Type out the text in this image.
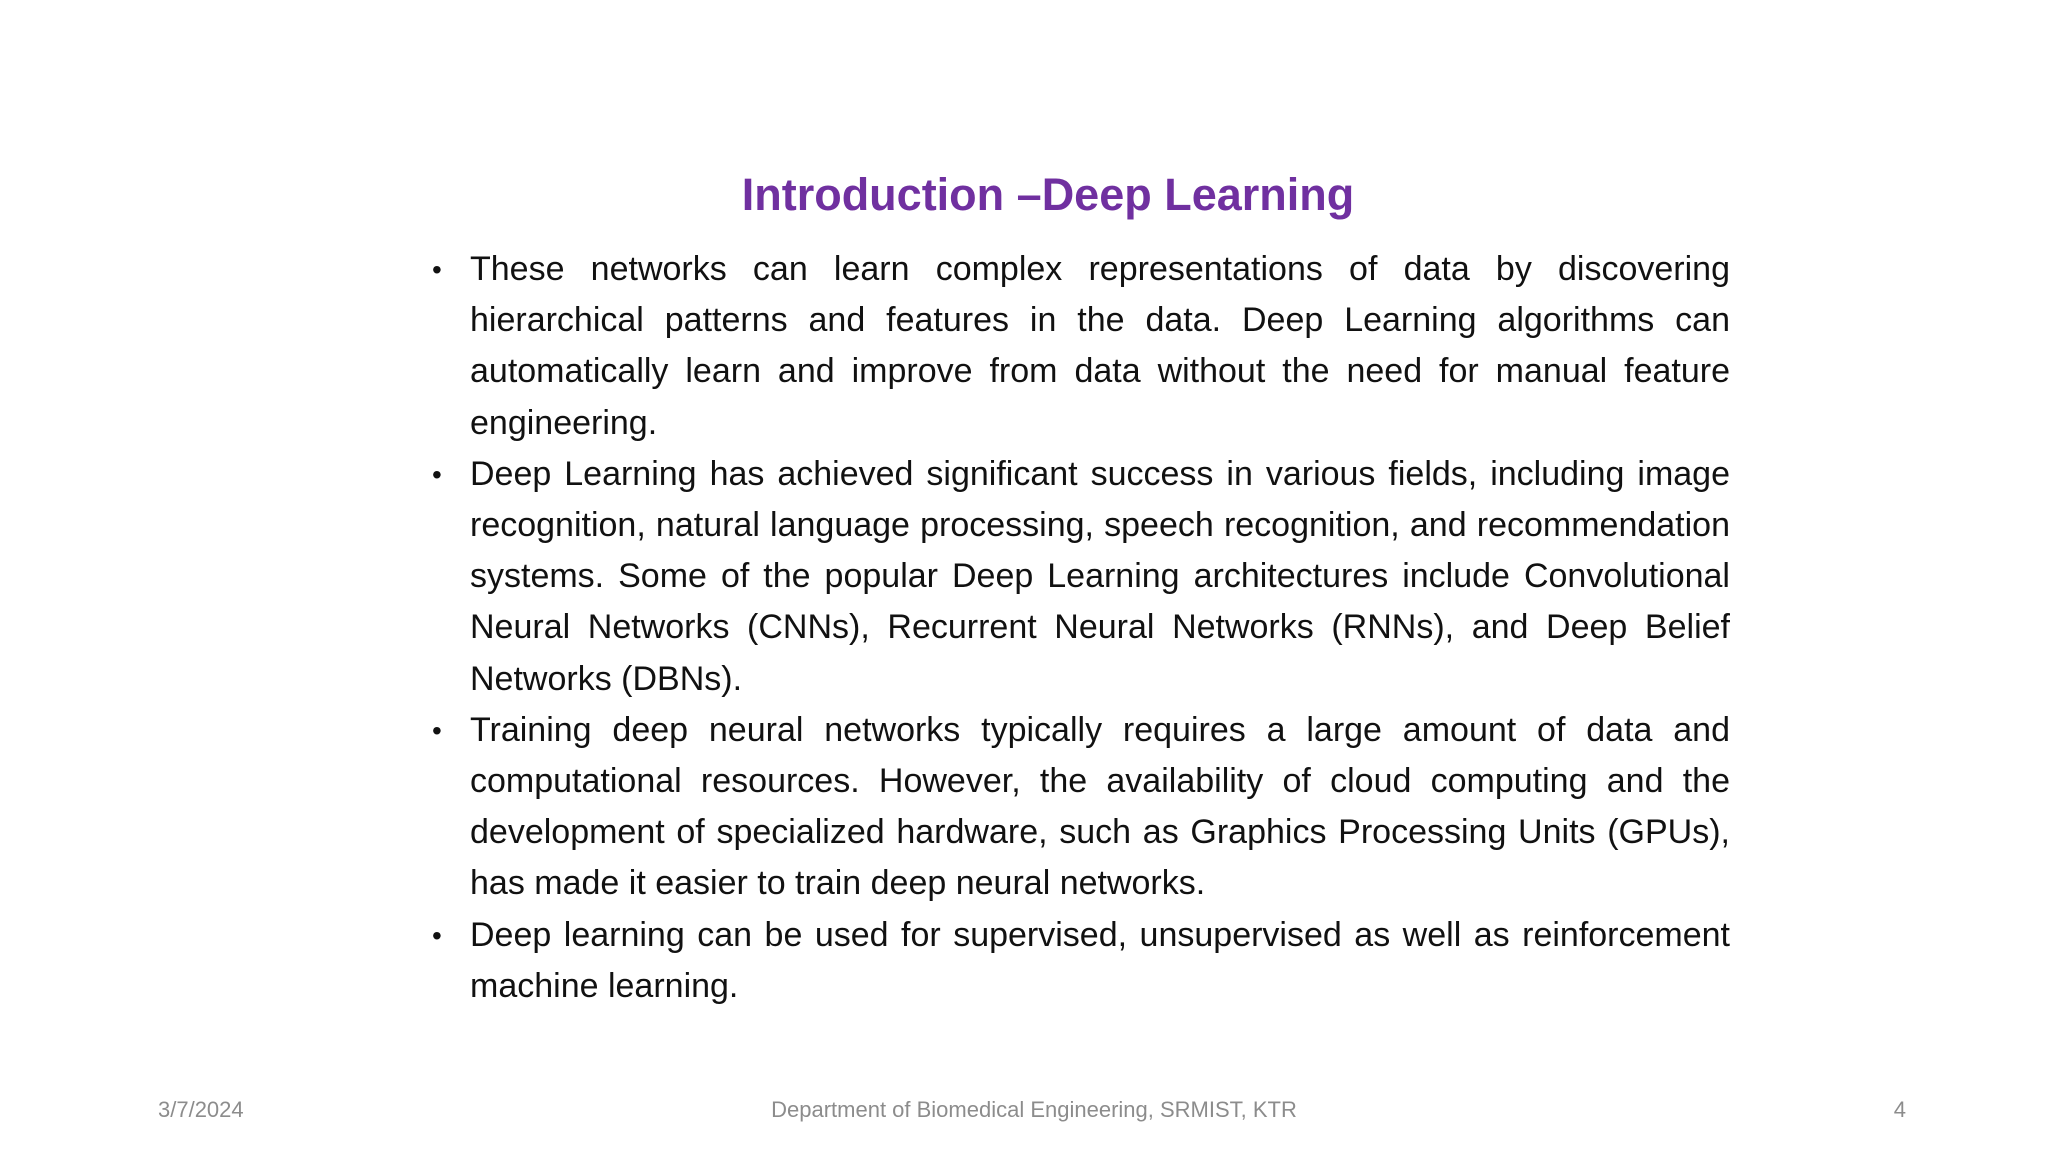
Introduction –Deep Learning
• These networks can learn complex representations of data by discovering hierarchical patterns and features in the data. Deep Learning algorithms can automatically learn and improve from data without the need for manual feature engineering.
• Deep Learning has achieved significant success in various fields, including image recognition, natural language processing, speech recognition, and recommendation systems. Some of the popular Deep Learning architectures include Convolutional Neural Networks (CNNs), Recurrent Neural Networks (RNNs), and Deep Belief Networks (DBNs).
• Training deep neural networks typically requires a large amount of data and computational resources. However, the availability of cloud computing and the development of specialized hardware, such as Graphics Processing Units (GPUs), has made it easier to train deep neural networks.
• Deep learning can be used for supervised, unsupervised as well as reinforcement machine learning.
3/7/2024	Department of Biomedical Engineering, SRMIST, KTR	4
